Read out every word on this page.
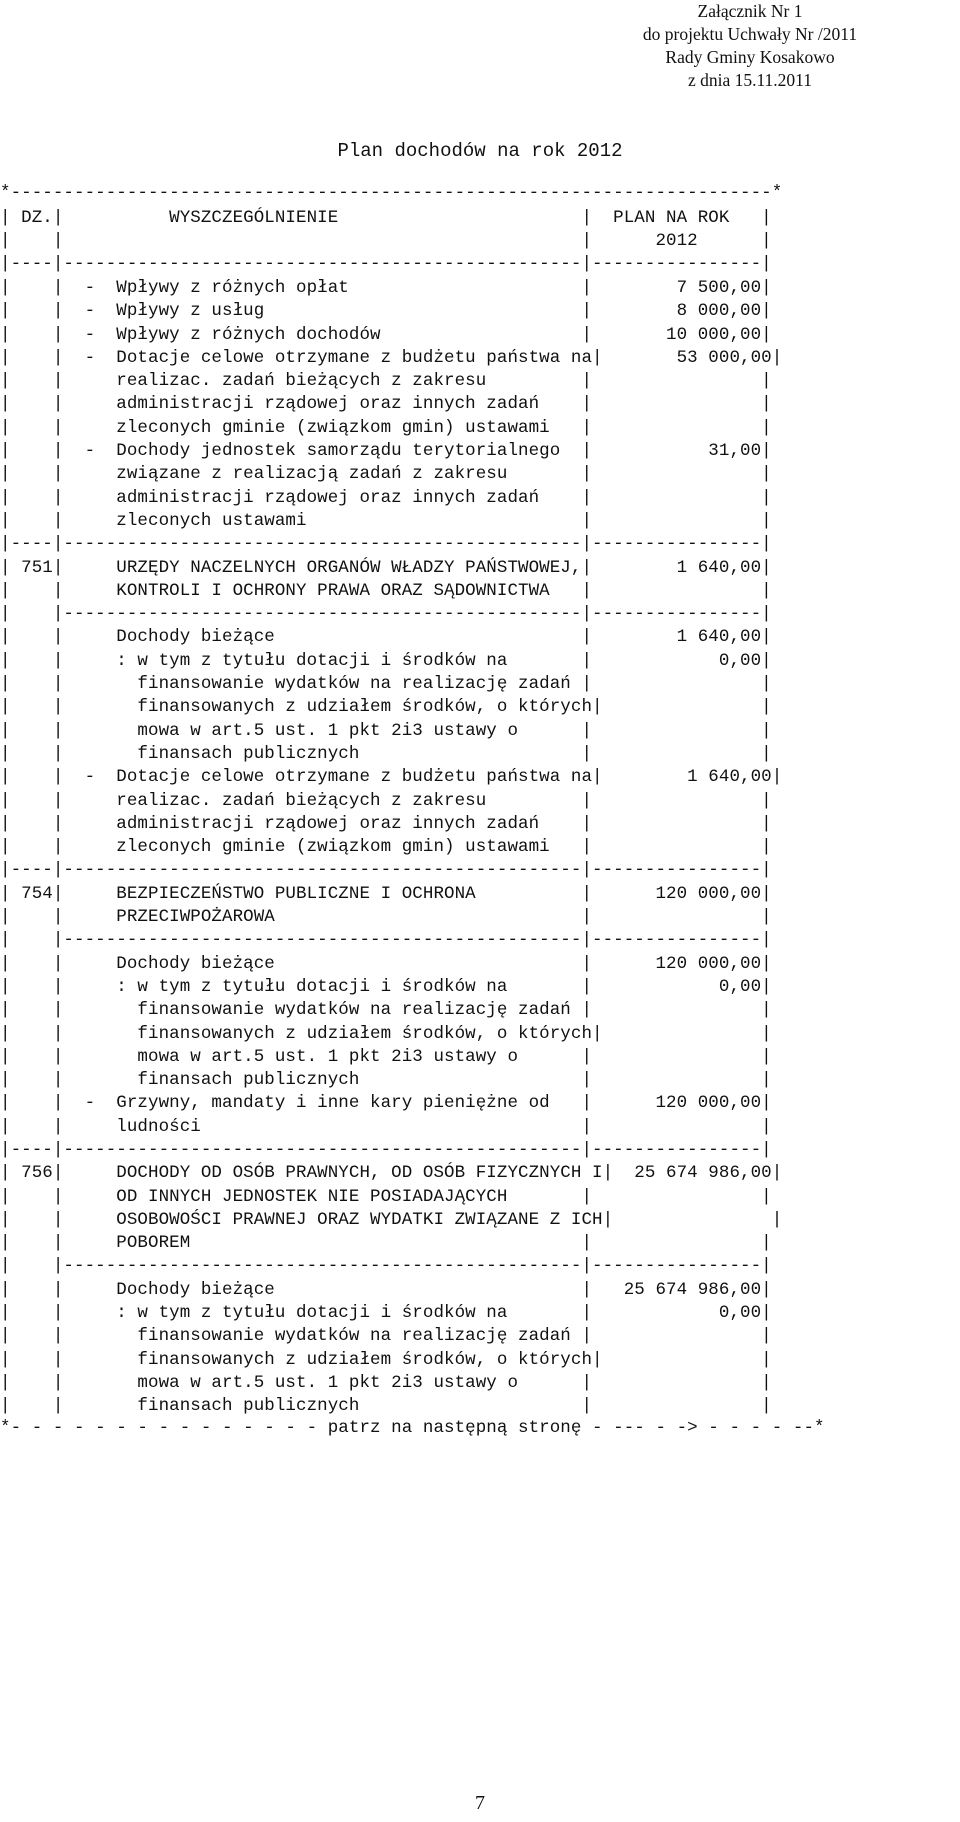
Załącznik Nr 1
do projektu Uchwały Nr /2011
Rady Gminy Kosakowo
z dnia 15.11.2011
Plan dochodów na rok 2012
*------------------------------------------------------------------------*
| DZ.|          WYSZCZEGÓLNIENIE                       |  PLAN NA ROK   |
|    |                                                 |      2012      |
|----|-------------------------------------------------|----------------|
|    |  -  Wpływy z różnych opłat                      |        7 500,00|
|    |  -  Wpływy z usług                              |        8 000,00|
|    |  -  Wpływy z różnych dochodów                   |       10 000,00|
|    |  -  Dotacje celowe otrzymane z budżetu państwa na|       53 000,00|
|    |     realizac. zadań bieżących z zakresu         |                |
|    |     administracji rządowej oraz innych zadań    |                |
|    |     zleconych gminie (związkom gmin) ustawami   |                |
|    |  -  Dochody jednostek samorządu terytorialnego  |           31,00|
|    |     związane z realizacją zadań z zakresu       |                |
|    |     administracji rządowej oraz innych zadań    |                |
|    |     zleconych ustawami                          |                |
|----|-------------------------------------------------|----------------|
| 751|     URZĘDY NACZELNYCH ORGANÓW WŁADZY PAŃSTWOWEJ,|        1 640,00|
|    |     KONTROLI I OCHRONY PRAWA ORAZ SĄDOWNICTWA   |                |
|    |-------------------------------------------------|----------------|
|    |     Dochody bieżące                             |        1 640,00|
|    |     : w tym z tytułu dotacji i środków na       |            0,00|
|    |       finansowanie wydatków na realizację zadań |                |
|    |       finansowanych z udziałem środków, o których|               |
|    |       mowa w art.5 ust. 1 pkt 2i3 ustawy o      |                |
|    |       finansach publicznych                     |                |
|    |  -  Dotacje celowe otrzymane z budżetu państwa na|        1 640,00|
|    |     realizac. zadań bieżących z zakresu         |                |
|    |     administracji rządowej oraz innych zadań    |                |
|    |     zleconych gminie (związkom gmin) ustawami   |                |
|----|-------------------------------------------------|----------------|
| 754|     BEZPIECZEŃSTWO PUBLICZNE I OCHRONA          |      120 000,00|
|    |     PRZECIWPOŻAROWA                             |                |
|    |-------------------------------------------------|----------------|
|    |     Dochody bieżące                             |      120 000,00|
|    |     : w tym z tytułu dotacji i środków na       |            0,00|
|    |       finansowanie wydatków na realizację zadań |                |
|    |       finansowanych z udziałem środków, o których|               |
|    |       mowa w art.5 ust. 1 pkt 2i3 ustawy o      |                |
|    |       finansach publicznych                     |                |
|    |  -  Grzywny, mandaty i inne kary pieniężne od   |      120 000,00|
|    |     ludności                                    |                |
|----|-------------------------------------------------|----------------|
| 756|     DOCHODY OD OSÓB PRAWNYCH, OD OSÓB FIZYCZNYCH I|  25 674 986,00|
|    |     OD INNYCH JEDNOSTEK NIE POSIADAJĄCYCH       |                |
|    |     OSOBOWOŚCI PRAWNEJ ORAZ WYDATKI ZWIĄZANE Z ICH|               |
|    |     POBOREM                                     |                |
|    |-------------------------------------------------|----------------|
|    |     Dochody bieżące                             |   25 674 986,00|
|    |     : w tym z tytułu dotacji i środków na       |            0,00|
|    |       finansowanie wydatków na realizację zadań |                |
|    |       finansowanych z udziałem środków, o których|               |
|    |       mowa w art.5 ust. 1 pkt 2i3 ustawy o      |                |
|    |       finansach publicznych                     |                |
*- - - - - - - - - - - - - - - patrz na następną stronę - --- - -> - - - - --*
7
